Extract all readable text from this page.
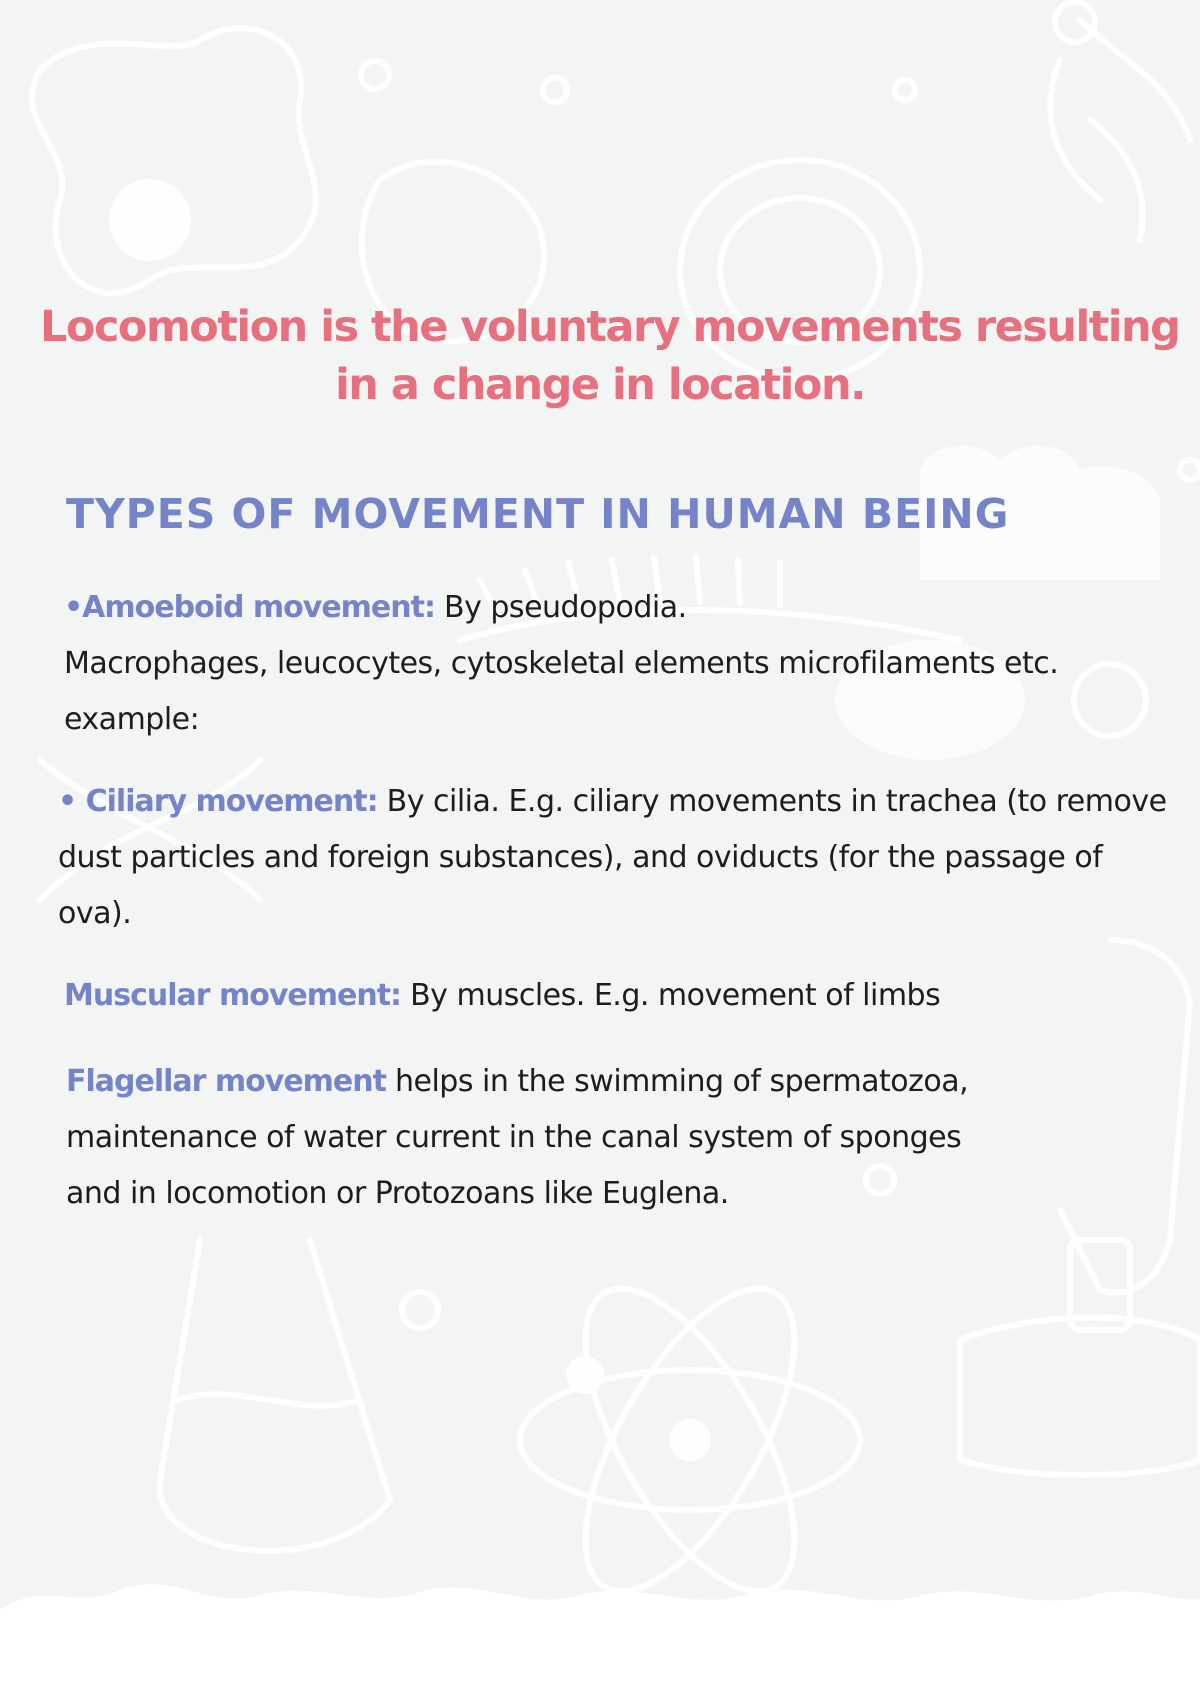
Locomotion is the voluntary movements resulting
in a change in location.
TYPES OF MOVEMENT IN HUMAN BEING

•Amoeboid movement: By pseudopodia.
Macrophages, leucocytes, cytoskeletal elements microfilaments etc.
example:

• Ciliary movement: By cilia. E.g. ciliary movements in trachea (to remove
dust particles and foreign substances), and oviducts (for the passage of
ova).

Muscular movement: By muscles. E.g. movement of limbs

Flagellar movement helps in the swimming of spermatozoa,
maintenance of water current in the canal system of sponges
and in locomotion or Protozoans like Euglena.
